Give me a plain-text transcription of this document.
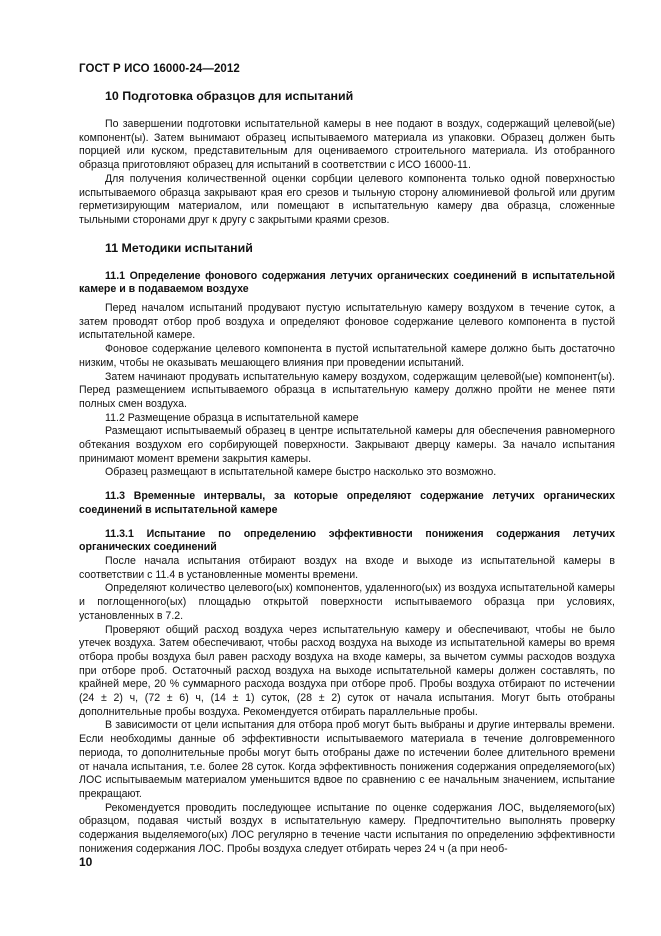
ГОСТ Р ИСО 16000-24—2012
10 Подготовка образцов для испытаний

По завершении подготовки испытательной камеры в нее подают в воздух, содержащий целевой(ые) компонент(ы). Затем вынимают образец испытываемого материала из упаковки. Образец должен быть порцией или куском, представительным для оцениваемого строительного материала. Из отобранного образца приготовляют образец для испытаний в соответствии с ИСО 16000-11.

Для получения количественной оценки сорбции целевого компонента только одной поверхностью испытываемого образца закрывают края его срезов и тыльную сторону алюминиевой фольгой или другим герметизирующим материалом, или помещают в испытательную камеру два образца, сложенные тыльными сторонами друг к другу с закрытыми краями срезов.

11 Методики испытаний
11.1 Определение фонового содержания летучих органических соединений в испытательной камере и в подаваемом воздухе

Перед началом испытаний продувают пустую испытательную камеру воздухом в течение суток, а затем проводят отбор проб воздуха и определяют фоновое содержание целевого компонента в пустой испытательной камере.

Фоновое содержание целевого компонента в пустой испытательной камере должно быть достаточно низким, чтобы не оказывать мешающего влияния при проведении испытаний.

Затем начинают продувать испытательную камеру воздухом, содержащим целевой(ые) компонент(ы). Перед размещением испытываемого образца в испытательную камеру должно пройти не менее пяти полных смен воздуха.

11.2 Размещение образца в испытательной камере

Размещают испытываемый образец в центре испытательной камеры для обеспечения равномерного обтекания воздухом его сорбирующей поверхности. Закрывают дверцу камеры. За начало испытания принимают момент времени закрытия камеры.

Образец размещают в испытательной камере быстро насколько это возможно.

11.3 Временные интервалы, за которые определяют содержание летучих органических соединений в испытательной камере
11.3.1 Испытание по определению эффективности понижения содержания летучих органических соединений

После начала испытания отбирают воздух на входе и выходе из испытательной камеры в соответствии с 11.4 в установленные моменты времени.

Определяют количество целевого(ых) компонентов, удаленного(ых) из воздуха испытательной камеры и поглощенного(ых) площадью открытой поверхности испытываемого образца при условиях, установленных в 7.2.

Проверяют общий расход воздуха через испытательную камеру и обеспечивают, чтобы не было утечек воздуха. Затем обеспечивают, чтобы расход воздуха на выходе из испытательной камеры во время отбора пробы воздуха был равен расходу воздуха на входе камеры, за вычетом суммы расходов воздуха при отборе проб. Остаточный расход воздуха на выходе испытательной камеры должен составлять, по крайней мере, 20 % суммарного расхода воздуха при отборе проб. Пробы воздуха отбирают по истечении (24 ± 2) ч, (72 ± 6) ч, (14 ± 1) суток, (28 ± 2) суток от начала испытания. Могут быть отобраны дополнительные пробы воздуха. Рекомендуется отбирать параллельные пробы.

В зависимости от цели испытания для отбора проб могут быть выбраны и другие интервалы времени. Если необходимы данные об эффективности испытываемого материала в течение долговременного периода, то дополнительные пробы могут быть отобраны даже по истечении более длительного времени от начала испытания, т.е. более 28 суток. Когда эффективность понижения содержания определяемого(ых) ЛОС испытываемым материалом уменьшится вдвое по сравнению с ее начальным значением, испытание прекращают.

Рекомендуется проводить последующее испытание по оценке содержания ЛОС, выделяемого(ых) образцом, подавая чистый воздух в испытательную камеру. Предпочтительно выполнять проверку содержания выделяемого(ых) ЛОС регулярно в течение части испытания по определению эффективности понижения содержания ЛОС. Пробы воздуха следует отбирать через 24 ч (а при необ-

10
